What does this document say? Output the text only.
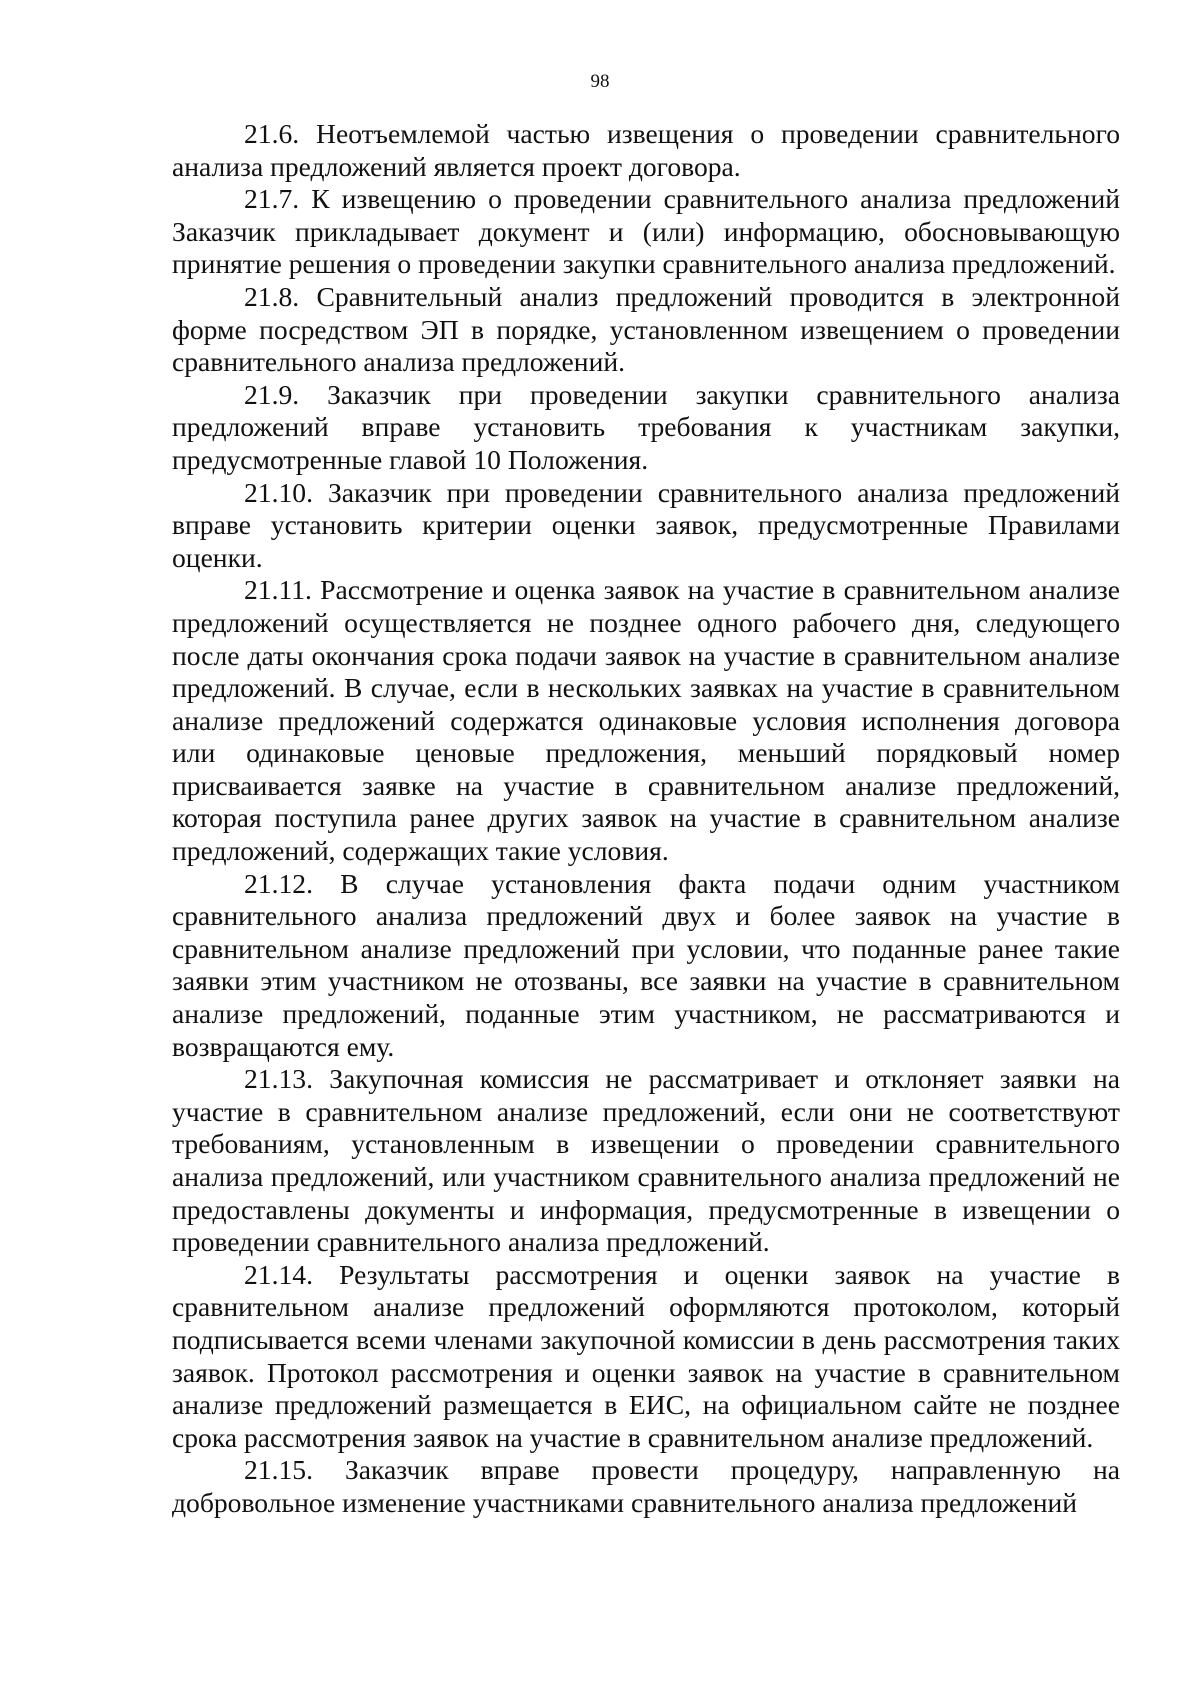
98

21.6. Неотъемлемой частью извещения о проведении сравнительного анализа предложений является проект договора.

21.7. К извещению о проведении сравнительного анализа предложений Заказчик прикладывает документ и (или) информацию, обосновывающую принятие решения о проведении закупки сравнительного анализа предложений.

21.8. Сравнительный анализ предложений проводится в электронной форме посредством ЭП в порядке, установленном извещением о проведении сравнительного анализа предложений.

21.9. Заказчик при проведении закупки сравнительного анализа предложений вправе установить требования к участникам закупки, предусмотренные главой 10 Положения.

21.10. Заказчик при проведении сравнительного анализа предложений вправе установить критерии оценки заявок, предусмотренные Правилами оценки.

21.11. Рассмотрение и оценка заявок на участие в сравнительном анализе предложений осуществляется не позднее одного рабочего дня, следующего после даты окончания срока подачи заявок на участие в сравнительном анализе предложений. В случае, если в нескольких заявках на участие в сравнительном анализе предложений содержатся одинаковые условия исполнения договора или одинаковые ценовые предложения, меньший порядковый номер присваивается заявке на участие в сравнительном анализе предложений, которая поступила ранее других заявок на участие в сравнительном анализе предложений, содержащих такие условия.

21.12. В случае установления факта подачи одним участником сравнительного анализа предложений двух и более заявок на участие в сравнительном анализе предложений при условии, что поданные ранее такие заявки этим участником не отозваны, все заявки на участие в сравнительном анализе предложений, поданные этим участником, не рассматриваются и возвращаются ему.

21.13. Закупочная комиссия не рассматривает и отклоняет заявки на участие в сравнительном анализе предложений, если они не соответствуют требованиям, установленным в извещении о проведении сравнительного анализа предложений, или участником сравнительного анализа предложений не предоставлены документы и информация, предусмотренные в извещении о проведении сравнительного анализа предложений.

21.14. Результаты рассмотрения и оценки заявок на участие в сравнительном анализе предложений оформляются протоколом, который подписывается всеми членами закупочной комиссии в день рассмотрения таких заявок. Протокол рассмотрения и оценки заявок на участие в сравнительном анализе предложений размещается в ЕИС, на официальном сайте не позднее срока рассмотрения заявок на участие в сравнительном анализе предложений.

21.15. Заказчик вправе провести процедуру, направленную на добровольное изменение участниками сравнительного анализа предложений
